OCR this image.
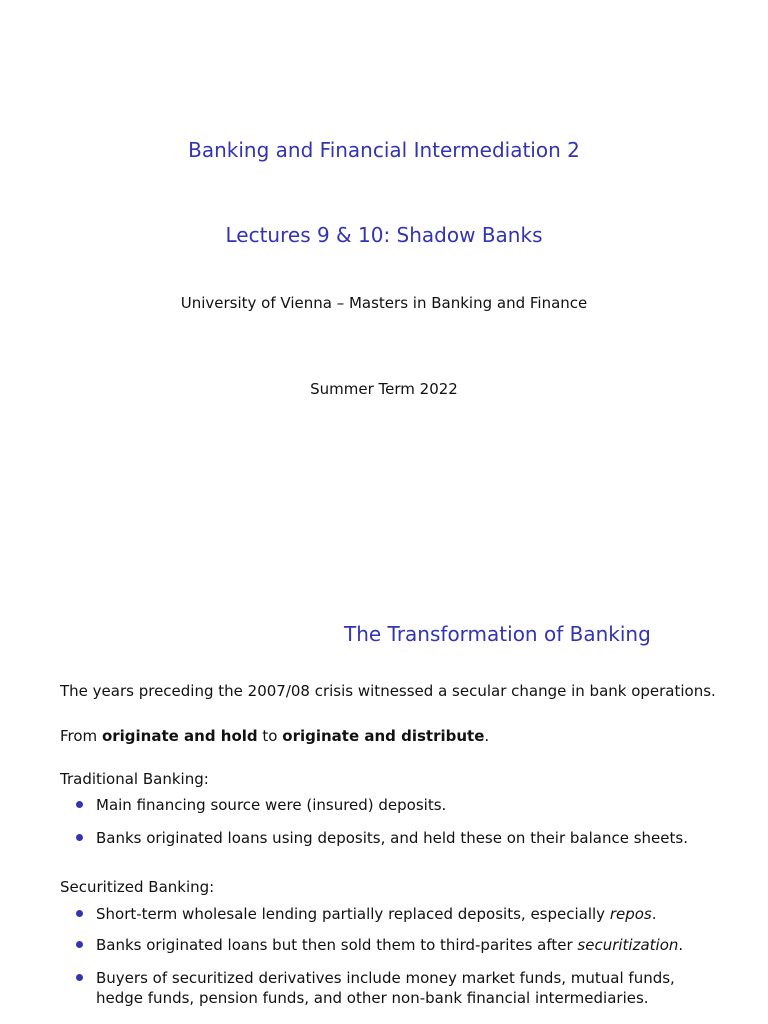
Banking and Financial Intermediation 2
Lectures 9 & 10: Shadow Banks
University of Vienna – Masters in Banking and Finance
Summer Term 2022
The Transformation of Banking
The years preceding the 2007/08 crisis witnessed a secular change in bank operations.
From originate and hold to originate and distribute.
Traditional Banking:
Main financing source were (insured) deposits.
Banks originated loans using deposits, and held these on their balance sheets.
Securitized Banking:
Short-term wholesale lending partially replaced deposits, especially repos.
Banks originated loans but then sold them to third-parites after securitization.
Buyers of securitized derivatives include money market funds, mutual funds,
hedge funds, pension funds, and other non-bank financial intermediaries.
